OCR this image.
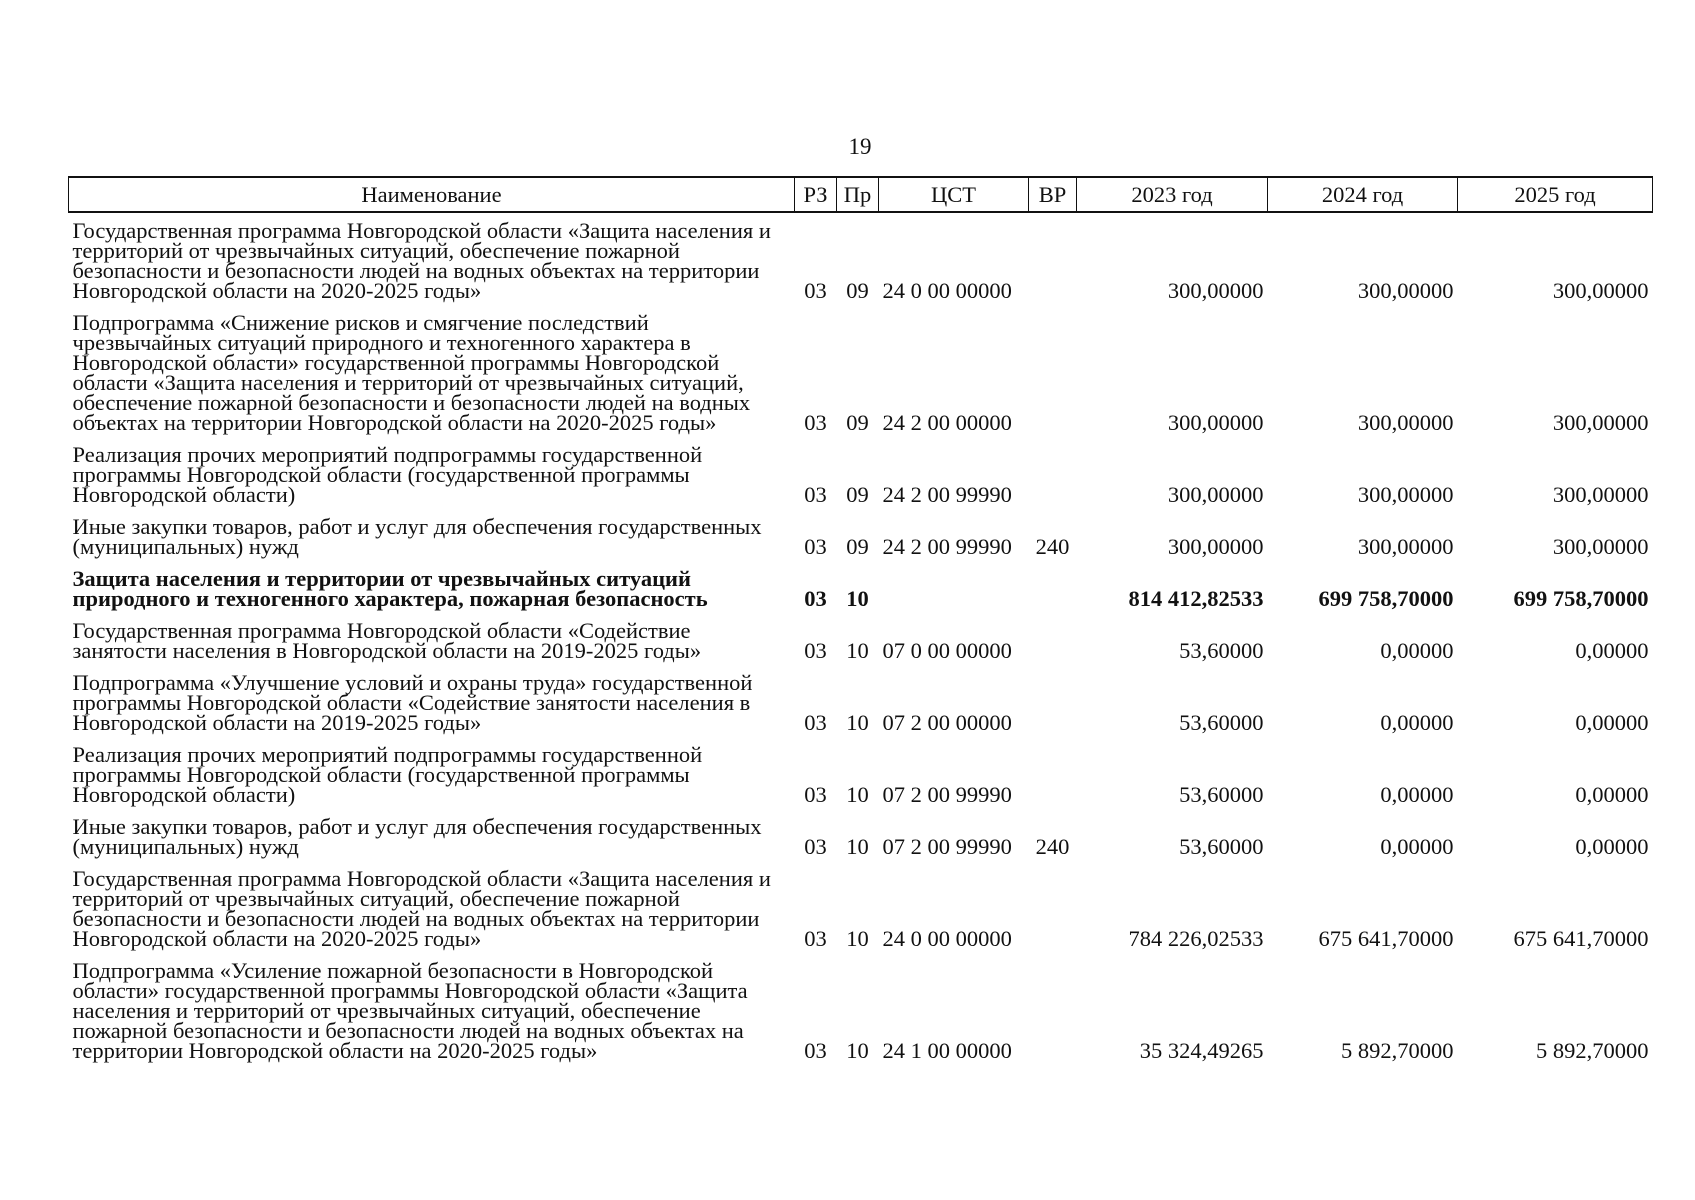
19
Наименование	РЗ	Пр	ЦСТ	ВР	2023 год	2024 год	2025 год
Государственная программа Новгородской области «Защита населения и территорий от чрезвычайных ситуаций, обеспечение пожарной безопасности и безопасности людей на водных объектах на территории Новгородской области на 2020-2025 годы»	03	09	24 0 00 00000		300,00000	300,00000	300,00000
Подпрограмма «Снижение рисков и смягчение последствий чрезвычайных ситуаций природного и техногенного характера в Новгородской области» государственной программы Новгородской области «Защита населения и территорий от чрезвычайных ситуаций, обеспечение пожарной безопасности и безопасности людей на водных объектах на территории Новгородской области на 2020-2025 годы»	03	09	24 2 00 00000		300,00000	300,00000	300,00000
Реализация прочих мероприятий подпрограммы государственной программы Новгородской области (государственной программы Новгородской области)	03	09	24 2 00 99990		300,00000	300,00000	300,00000
Иные закупки товаров, работ и услуг для обеспечения государственных (муниципальных) нужд	03	09	24 2 00 99990	240	300,00000	300,00000	300,00000
Защита населения и территории от чрезвычайных ситуаций природного и техногенного характера, пожарная безопасность	03	10			814 412,82533	699 758,70000	699 758,70000
Государственная программа Новгородской области «Содействие занятости населения в Новгородской области на 2019-2025 годы»	03	10	07 0 00 00000		53,60000	0,00000	0,00000
Подпрограмма «Улучшение условий и охраны труда» государственной программы Новгородской области «Содействие занятости населения в Новгородской области на 2019-2025 годы»	03	10	07 2 00 00000		53,60000	0,00000	0,00000
Реализация прочих мероприятий подпрограммы государственной программы Новгородской области (государственной программы Новгородской области)	03	10	07 2 00 99990		53,60000	0,00000	0,00000
Иные закупки товаров, работ и услуг для обеспечения государственных (муниципальных) нужд	03	10	07 2 00 99990	240	53,60000	0,00000	0,00000
Государственная программа Новгородской области «Защита населения и территорий от чрезвычайных ситуаций, обеспечение пожарной безопасности и безопасности людей на водных объектах на территории Новгородской области на 2020-2025 годы»	03	10	24 0 00 00000		784 226,02533	675 641,70000	675 641,70000
Подпрограмма «Усиление пожарной безопасности в Новгородской области» государственной программы Новгородской области «Защита населения и территорий от чрезвычайных ситуаций, обеспечение пожарной безопасности и безопасности людей на водных объектах на территории Новгородской области на 2020-2025 годы»	03	10	24 1 00 00000		35 324,49265	5 892,70000	5 892,70000
